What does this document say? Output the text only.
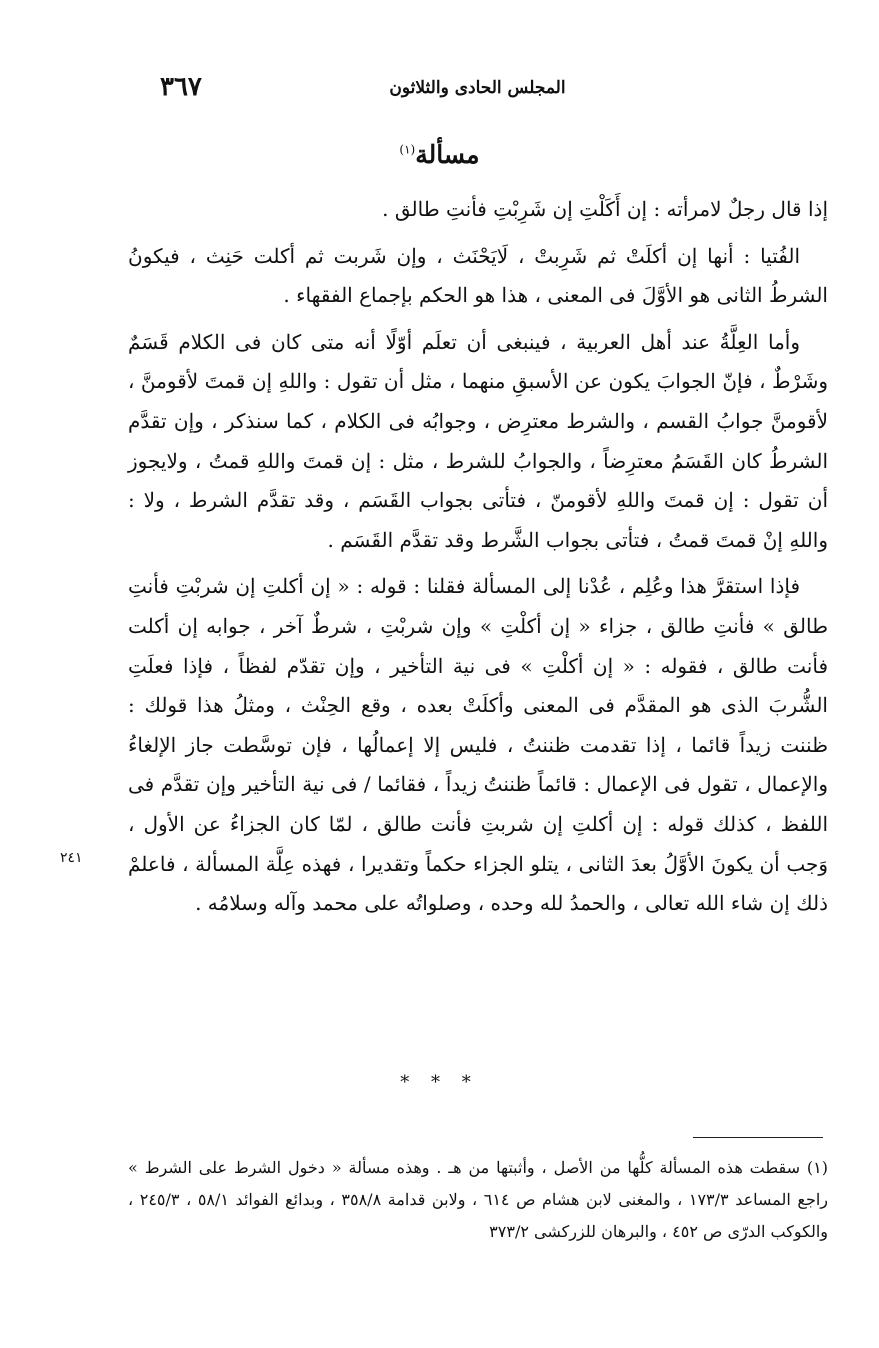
المجلس الحادى والثلاثون
٣٦٧
مسألة$^{(١)}$

إذا قال رجلٌ لامرأته : إن أَكَلْتِ إن شَرِبْتِ فأنتِ طالق .

الفُتيا : أنها إن أكلَتْ ثم شَرِبتْ ، لَايَحْنَث ، وإن شَربت ثم أكلت حَنِث ، فيكونُ الشرطُ الثانى هو الأوَّلَ فى المعنى ، هذا هو الحكم بإجماع الفقهاء .

وأما العِلَّةُ عند أهل العربية ، فينبغى أن تعلَم أوّلًا أنه متى كان فى الكلام قَسَمٌ وشَرْطٌ ، فإنّ الجوابَ يكون عن الأسبقِ منهما ، مثل أن تقول : واللهِ إن قمتَ لأقومنَّ ، لأقومنَّ جوابُ القسم ، والشرط معترِض ، وجوابُه فى الكلام ، كما سنذكر ، وإن تقدَّم الشرطُ كان القَسَمُ معترِضاً ، والجوابُ للشرط ، مثل : إن قمتَ واللهِ قمتُ ، ولايجوز أن تقول : إن قمتَ واللهِ لأقومنّ ، فتأتى بجواب القَسَم ، وقد تقدَّم الشرط ، ولا : واللهِ إنْ قمتَ قمتُ ، فتأتى بجواب الشَّرط وقد تقدَّم القَسَم .

فإذا استقرَّ هذا وعُلِم ، عُدْنا إلى المسألة فقلنا : قوله : « إن أكلتِ إن شربْتِ فأنتِ طالق » فأنتِ طالق ، جزاء « إن أكلْتِ » وإن شربْتِ ، شرطٌ آخر ، جوابه إن أكلت فأنت طالق ، فقوله : « إن أكلْتِ » فى نية التأخير ، وإن تقدّم لفظاً ، فإذا فعلَتِ الشُّربَ الذى هو المقدَّم فى المعنى وأكلَتْ بعده ، وقع الحِنْث ، ومثلُ هذا قولك : ظننت زيداً قائما ، إذا تقدمت ظننتُ ، فليس إلا إعمالُها ، فإن توسَّطت جاز الإلغاءُ والإعمال ، تقول فى الإعمال : قائماً ظننتُ زيداً ، فقائما / فى نية التأخير وإن تقدَّم فى اللفظ ، كذلك قوله : إن أكلتِ إن شربتِ فأنت طالق ، لمّا كان الجزاءُ عن الأول ، وَجب أن يكونَ الأوَّلُ بعدَ الثانى ، يتلو الجزاء حكماً وتقديرا ، فهذه عِلَّة المسألة ، فاعلمْ ذلك إن شاء الله تعالى ، والحمدُ لله وحده ، وصلواتُه على محمد وآله وسلامُه .

٢٤١
* * *
(١) سقطت هذه المسألة كلُّها من الأصل ، وأثبتها من هـ . وهذه مسألة « دخول الشرط على الشرط » راجع المساعد ١٧٣/٣ ، والمغنى لابن هشام ص ٦١٤ ، ولابن قدامة ٣٥٨/٨ ، وبدائع الفوائد ٥٨/١ ، ٢٤٥/٣ ، والكوكب الدرّى ص ٤٥٢ ، والبرهان للزركشى ٣٧٣/٢
